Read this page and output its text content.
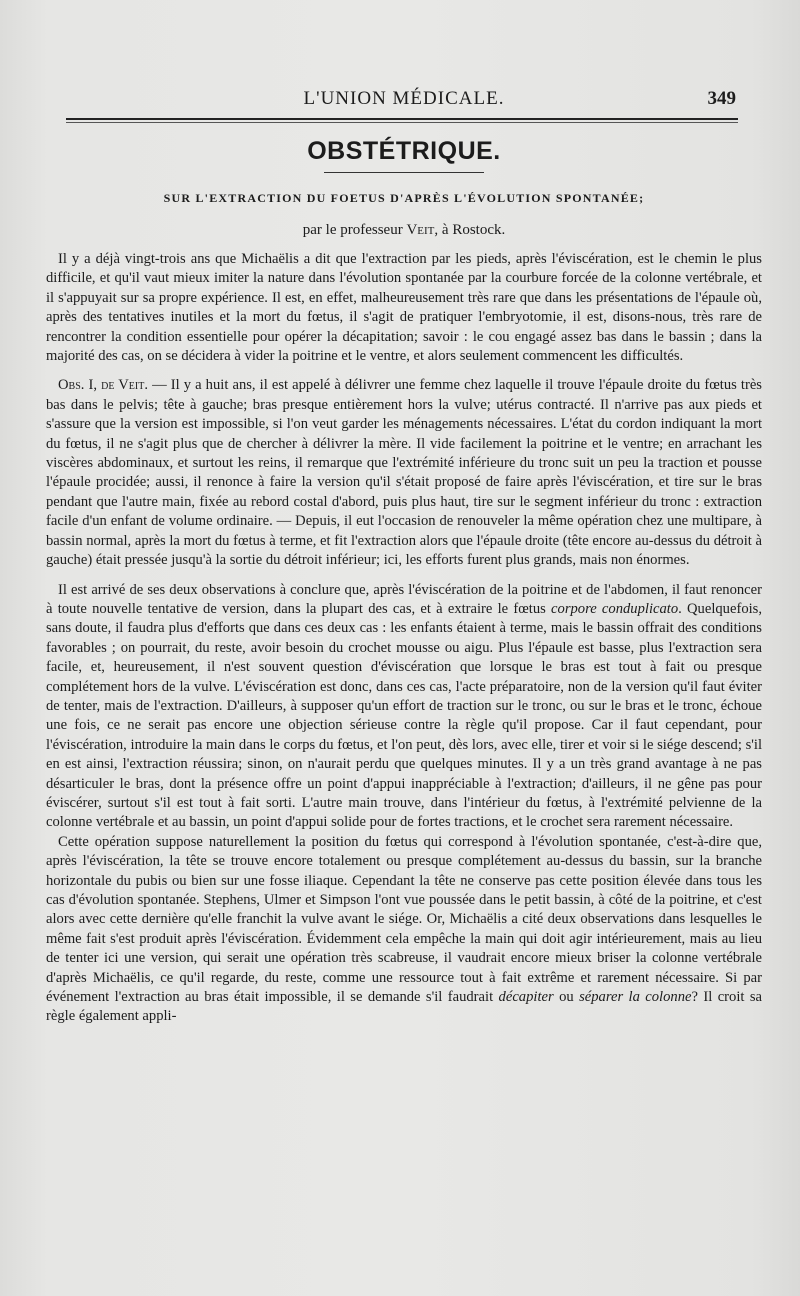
L'UNION MÉDICALE.	349
OBSTÉTRIQUE.
SUR L'EXTRACTION DU FOETUS D'APRÈS L'ÉVOLUTION SPONTANÉE;
par le professeur Veit, à Rostock.

Il y a déjà vingt-trois ans que Michaëlis a dit que l'extraction par les pieds, après l'éviscération, est le chemin le plus difficile, et qu'il vaut mieux imiter la nature dans l'évolution spontanée par la courbure forcée de la colonne vertébrale, et il s'appuyait sur sa propre expérience. Il est, en effet, malheureusement très rare que dans les présentations de l'épaule où, après des tentatives inutiles et la mort du fœtus, il s'agit de pratiquer l'embryotomie, il est, disons-nous, très rare de rencontrer la condition essentielle pour opérer la décapitation; savoir : le cou engagé assez bas dans le bassin ; dans la majorité des cas, on se décidera à vider la poitrine et le ventre, et alors seulement commencent les difficultés.

Obs. I, de Veit. — Il y a huit ans, il est appelé à délivrer une femme chez laquelle il trouve l'épaule droite du fœtus très bas dans le pelvis; tête à gauche; bras presque entièrement hors la vulve; utérus contracté. Il n'arrive pas aux pieds et s'assure que la version est impossible, si l'on veut garder les ménagements nécessaires. L'état du cordon indiquant la mort du fœtus, il ne s'agit plus que de chercher à délivrer la mère. Il vide facilement la poitrine et le ventre; en arrachant les viscères abdominaux, et surtout les reins, il remarque que l'extrémité inférieure du tronc suit un peu la traction et pousse l'épaule procidée; aussi, il renonce à faire la version qu'il s'était proposé de faire après l'éviscération, et tire sur le bras pendant que l'autre main, fixée au rebord costal d'abord, puis plus haut, tire sur le segment inférieur du tronc : extraction facile d'un enfant de volume ordinaire. — Depuis, il eut l'occasion de renouveler la même opération chez une multipare, à bassin normal, après la mort du fœtus à terme, et fit l'extraction alors que l'épaule droite (tête encore au-dessus du détroit à gauche) était pressée jusqu'à la sortie du détroit inférieur; ici, les efforts furent plus grands, mais non énormes.

Il est arrivé de ses deux observations à conclure que, après l'éviscération de la poitrine et de l'abdomen, il faut renoncer à toute nouvelle tentative de version, dans la plupart des cas, et à extraire le fœtus corpore conduplicato. Quelquefois, sans doute, il faudra plus d'efforts que dans ces deux cas : les enfants étaient à terme, mais le bassin offrait des conditions favorables ; on pourrait, du reste, avoir besoin du crochet mousse ou aigu. Plus l'épaule est basse, plus l'extraction sera facile, et, heureusement, il n'est souvent question d'éviscération que lorsque le bras est tout à fait ou presque complétement hors de la vulve. L'éviscération est donc, dans ces cas, l'acte préparatoire, non de la version qu'il faut éviter de tenter, mais de l'extraction. D'ailleurs, à supposer qu'un effort de traction sur le tronc, ou sur le bras et le tronc, échoue une fois, ce ne serait pas encore une objection sérieuse contre la règle qu'il propose. Car il faut cependant, pour l'éviscération, introduire la main dans le corps du fœtus, et l'on peut, dès lors, avec elle, tirer et voir si le siége descend; s'il en est ainsi, l'extraction réussira; sinon, on n'aurait perdu que quelques minutes. Il y a un très grand avantage à ne pas désarticuler le bras, dont la présence offre un point d'appui inappréciable à l'extraction; d'ailleurs, il ne gêne pas pour éviscérer, surtout s'il est tout à fait sorti. L'autre main trouve, dans l'intérieur du fœtus, à l'extrémité pelvienne de la colonne vertébrale et au bassin, un point d'appui solide pour de fortes tractions, et le crochet sera rarement nécessaire.

Cette opération suppose naturellement la position du fœtus qui correspond à l'évolution spontanée, c'est-à-dire que, après l'éviscération, la tête se trouve encore totalement ou presque complétement au-dessus du bassin, sur la branche horizontale du pubis ou bien sur une fosse iliaque. Cependant la tête ne conserve pas cette position élevée dans tous les cas d'évolution spontanée. Stephens, Ulmer et Simpson l'ont vue poussée dans le petit bassin, à côté de la poitrine, et c'est alors avec cette dernière qu'elle franchit la vulve avant le siége. Or, Michaëlis a cité deux observations dans lesquelles le même fait s'est produit après l'éviscération. Évidemment cela empêche la main qui doit agir intérieurement, mais au lieu de tenter ici une version, qui serait une opération très scabreuse, il vaudrait encore mieux briser la colonne vertébrale d'après Michaëlis, ce qu'il regarde, du reste, comme une ressource tout à fait extrême et rarement nécessaire. Si par événement l'extraction au bras était impossible, il se demande s'il faudrait décapiter ou séparer la colonne? Il croit sa règle également appli-
